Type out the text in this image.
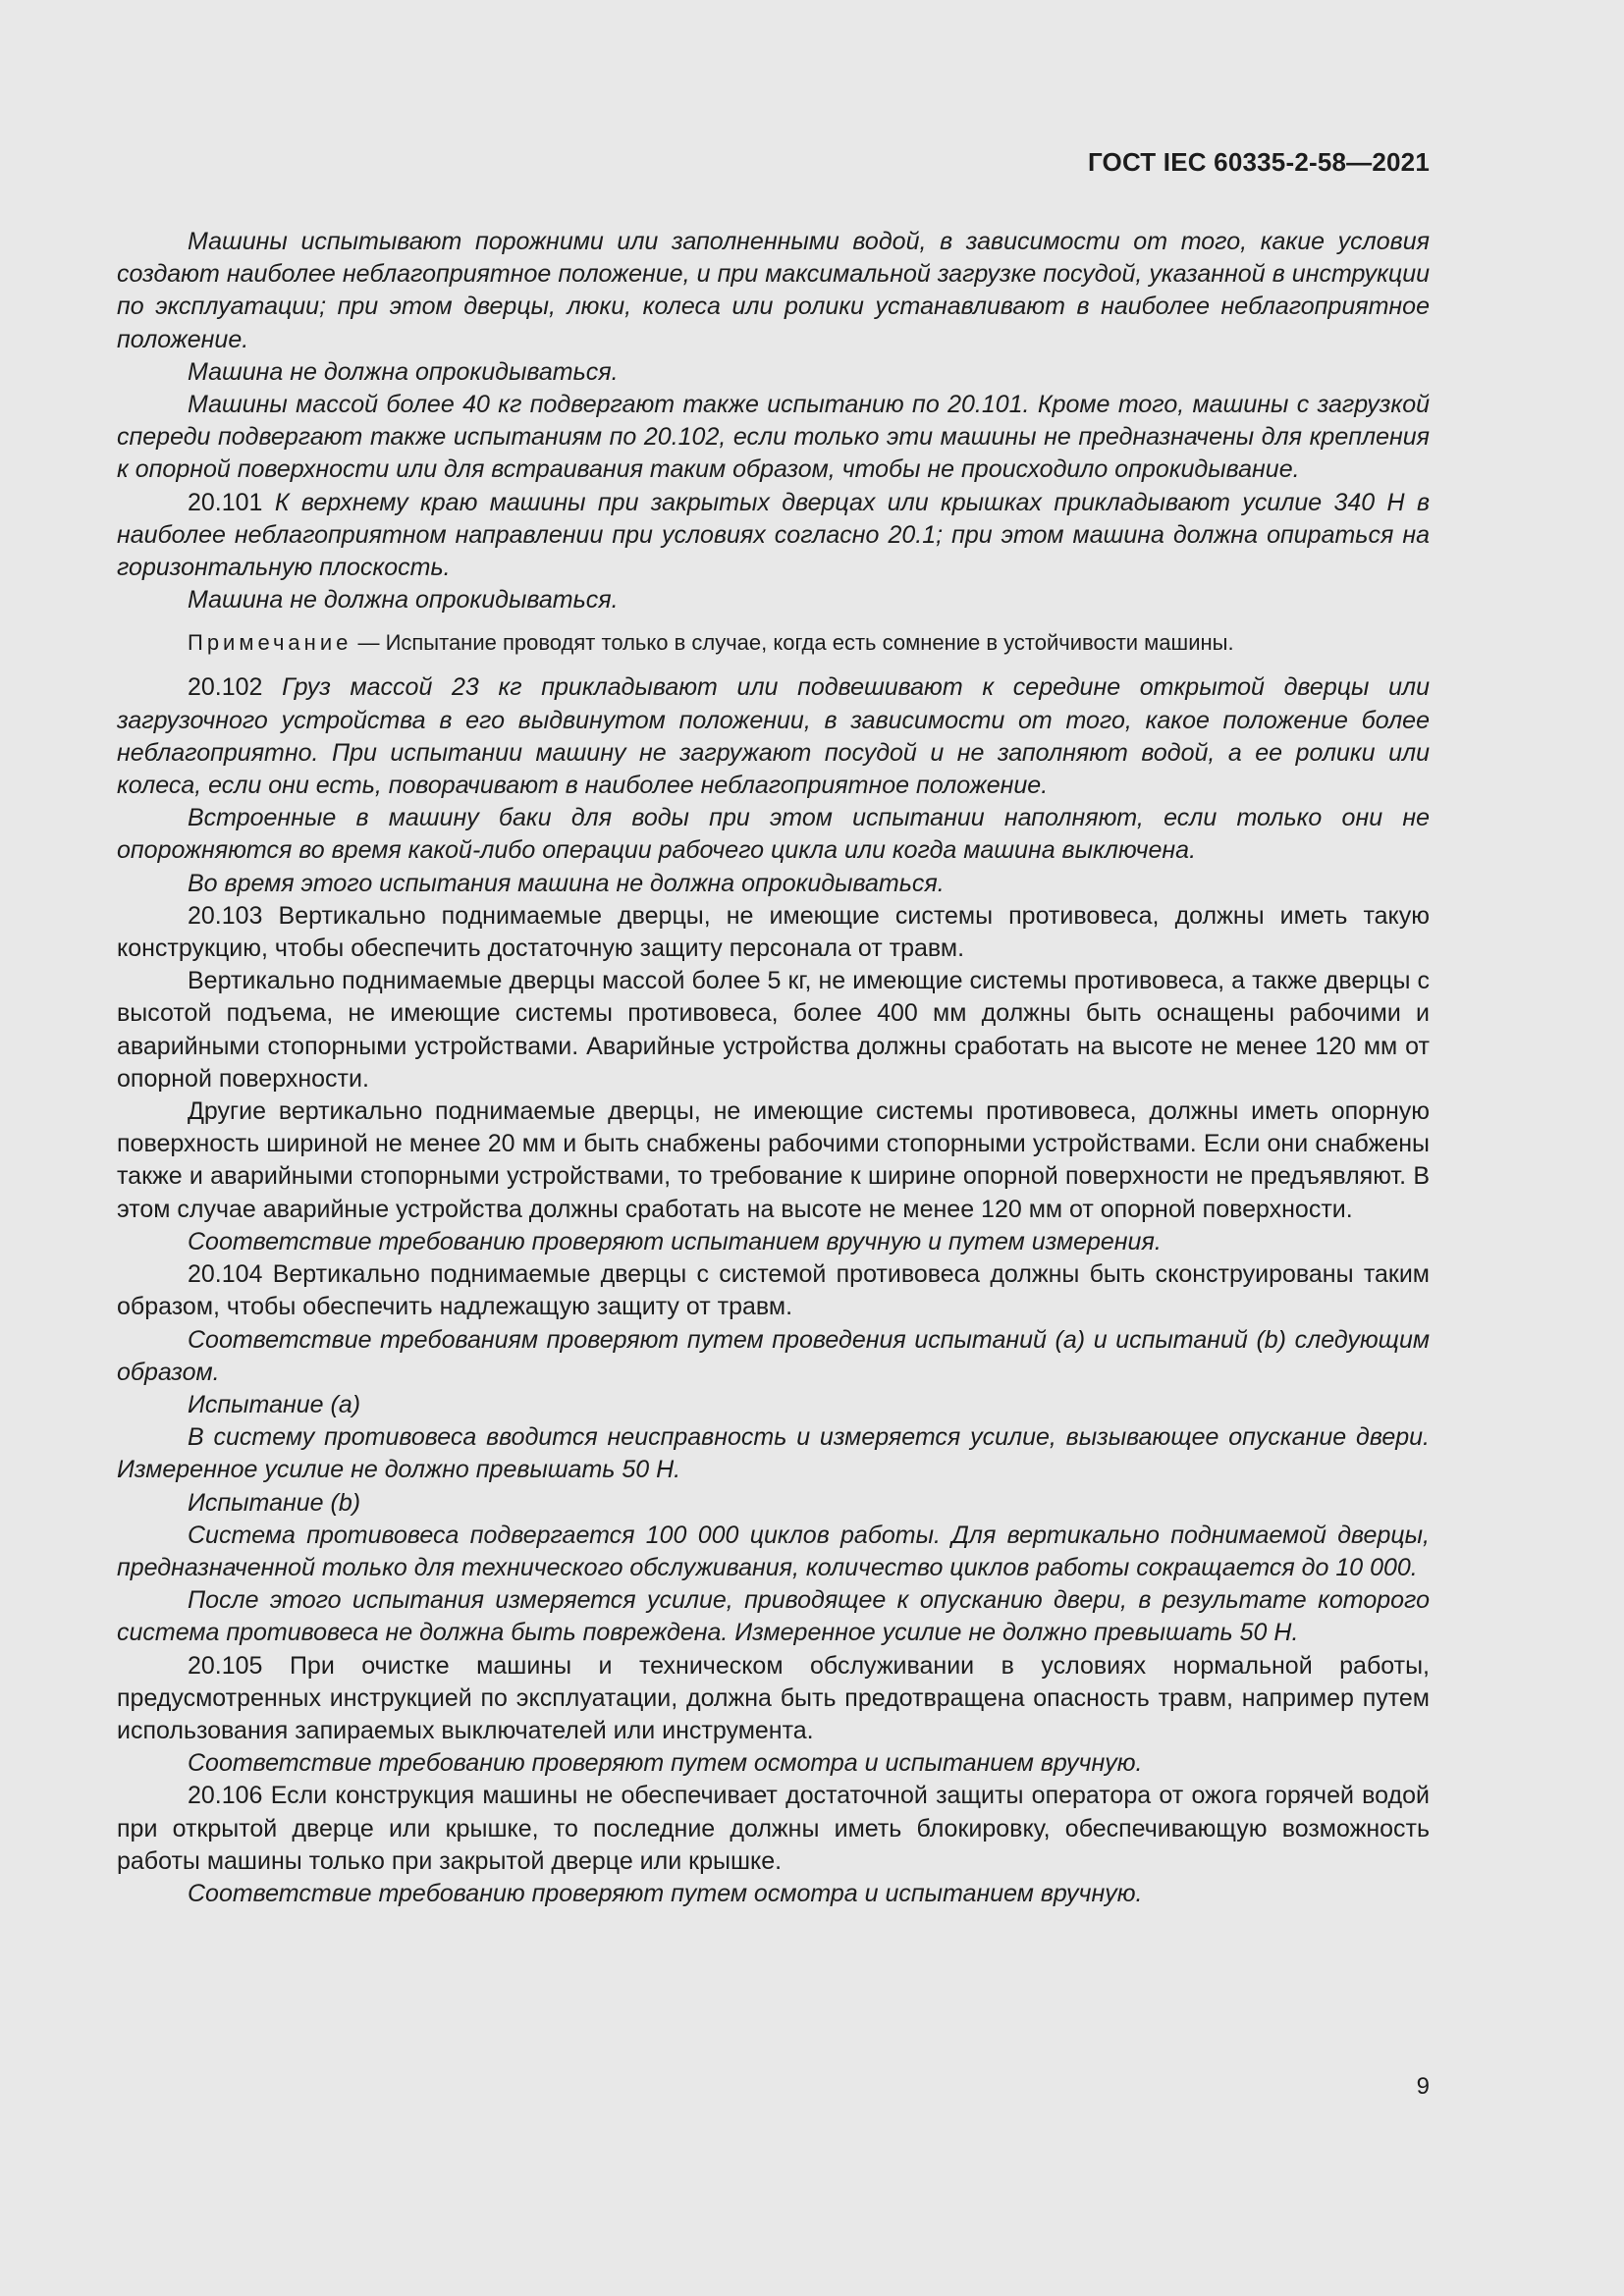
ГОСТ IEC 60335-2-58—2021

Машины испытывают порожними или заполненными водой, в зависимости от того, какие условия создают наиболее неблагоприятное положение, и при максимальной загрузке посудой, указанной в инструкции по эксплуатации; при этом дверцы, люки, колеса или ролики устанавливают в наиболее неблагоприятное положение.

Машина не должна опрокидываться.

Машины массой более 40 кг подвергают также испытанию по 20.101. Кроме того, машины с загрузкой спереди подвергают также испытаниям по 20.102, если только эти машины не предназначены для крепления к опорной поверхности или для встраивания таким образом, чтобы не происходило опрокидывание.

20.101 К верхнему краю машины при закрытых дверцах или крышках прикладывают усилие 340 Н в наиболее неблагоприятном направлении при условиях согласно 20.1; при этом машина должна опираться на горизонтальную плоскость.

Машина не должна опрокидываться.

Примечание — Испытание проводят только в случае, когда есть сомнение в устойчивости машины.

20.102 Груз массой 23 кг прикладывают или подвешивают к середине открытой дверцы или загрузочного устройства в его выдвинутом положении, в зависимости от того, какое положение более неблагоприятно. При испытании машину не загружают посудой и не заполняют водой, а ее ролики или колеса, если они есть, поворачивают в наиболее неблагоприятное положение.

Встроенные в машину баки для воды при этом испытании наполняют, если только они не опорожняются во время какой-либо операции рабочего цикла или когда машина выключена.

Во время этого испытания машина не должна опрокидываться.

20.103 Вертикально поднимаемые дверцы, не имеющие системы противовеса, должны иметь такую конструкцию, чтобы обеспечить достаточную защиту персонала от травм.

Вертикально поднимаемые дверцы массой более 5 кг, не имеющие системы противовеса, а также дверцы с высотой подъема, не имеющие системы противовеса, более 400 мм должны быть оснащены рабочими и аварийными стопорными устройствами. Аварийные устройства должны сработать на высоте не менее 120 мм от опорной поверхности.

Другие вертикально поднимаемые дверцы, не имеющие системы противовеса, должны иметь опорную поверхность шириной не менее 20 мм и быть снабжены рабочими стопорными устройствами. Если они снабжены также и аварийными стопорными устройствами, то требование к ширине опорной поверхности не предъявляют. В этом случае аварийные устройства должны сработать на высоте не менее 120 мм от опорной поверхности.

Соответствие требованию проверяют испытанием вручную и путем измерения.

20.104 Вертикально поднимаемые дверцы с системой противовеса должны быть сконструированы таким образом, чтобы обеспечить надлежащую защиту от травм.

Соответствие требованиям проверяют путем проведения испытаний (а) и испытаний (b) следующим образом.

Испытание (а)

В систему противовеса вводится неисправность и измеряется усилие, вызывающее опускание двери. Измеренное усилие не должно превышать 50 Н.

Испытание (b)

Система противовеса подвергается 100 000 циклов работы. Для вертикально поднимаемой дверцы, предназначенной только для технического обслуживания, количество циклов работы сокращается до 10 000.

После этого испытания измеряется усилие, приводящее к опусканию двери, в результате которого система противовеса не должна быть повреждена. Измеренное усилие не должно превышать 50 Н.

20.105 При очистке машины и техническом обслуживании в условиях нормальной работы, предусмотренных инструкцией по эксплуатации, должна быть предотвращена опасность травм, например путем использования запираемых выключателей или инструмента.

Соответствие требованию проверяют путем осмотра и испытанием вручную.

20.106 Если конструкция машины не обеспечивает достаточной защиты оператора от ожога горячей водой при открытой дверце или крышке, то последние должны иметь блокировку, обеспечивающую возможность работы машины только при закрытой дверце или крышке.

Соответствие требованию проверяют путем осмотра и испытанием вручную.

9
